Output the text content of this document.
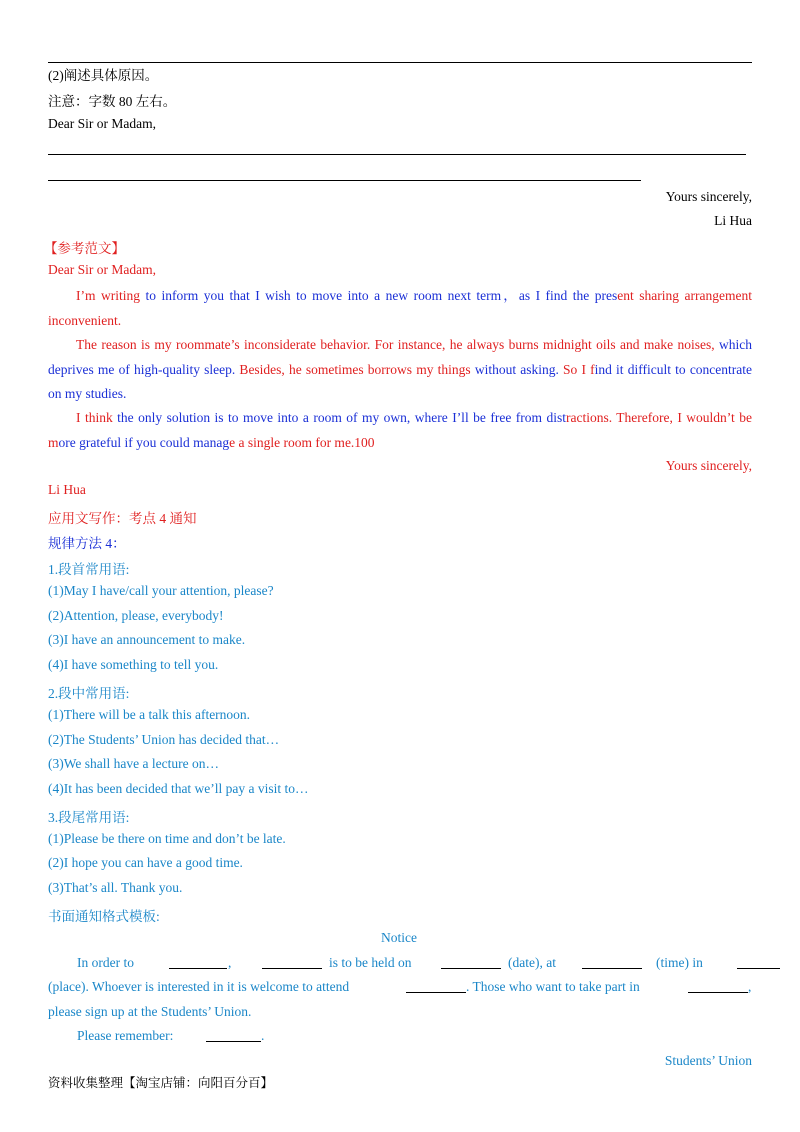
(2)阐述具体原因。
注意：字数 80 左右。
Dear Sir or Madam,
Yours sincerely,
Li Hua
【参考范文】
Dear Sir or Madam,
I’m writing to inform you that I wish to move into a new room next term，as I find the present sharing arrangement inconvenient.
The reason is my roommate’s inconsiderate behavior. For instance, he always burns midnight oils and make noises, which deprives me of high-quality sleep. Besides, he sometimes borrows my things without asking. So I find it difficult to concentrate on my studies.
I think the only solution is to move into a room of my own, where I’ll be free from distractions. Therefore, I wouldn’t be more grateful if you could manage a single room for me.100
Yours sincerely,
Li Hua
应用文写作：考点 4 通知
规律方法 4：
1.段首常用语:
(1)May I have/call your attention, please?
(2)Attention, please, everybody!
(3)I have an announcement to make.
(4)I have something to tell you.
2.段中常用语:
(1)There will be a talk this afternoon.
(2)The Students’ Union has decided that…
(3)We shall have a lecture on…
(4)It has been decided that we’ll pay a visit to…
3.段尾常用语:
(1)Please be there on time and don’t be late.
(2)I hope you can have a good time.
(3)That’s all. Thank you.
书面通知格式模板:
Notice
In order to	,	is to be held on	(date), at	(time) in
(place). Whoever is interested in it is welcome to attend	. Those who want to take part in	,
please sign up at the Students’ Union.
Please remember:	.
Students’ Union
资料收集整理【淘宝店铺：向阳百分百】
